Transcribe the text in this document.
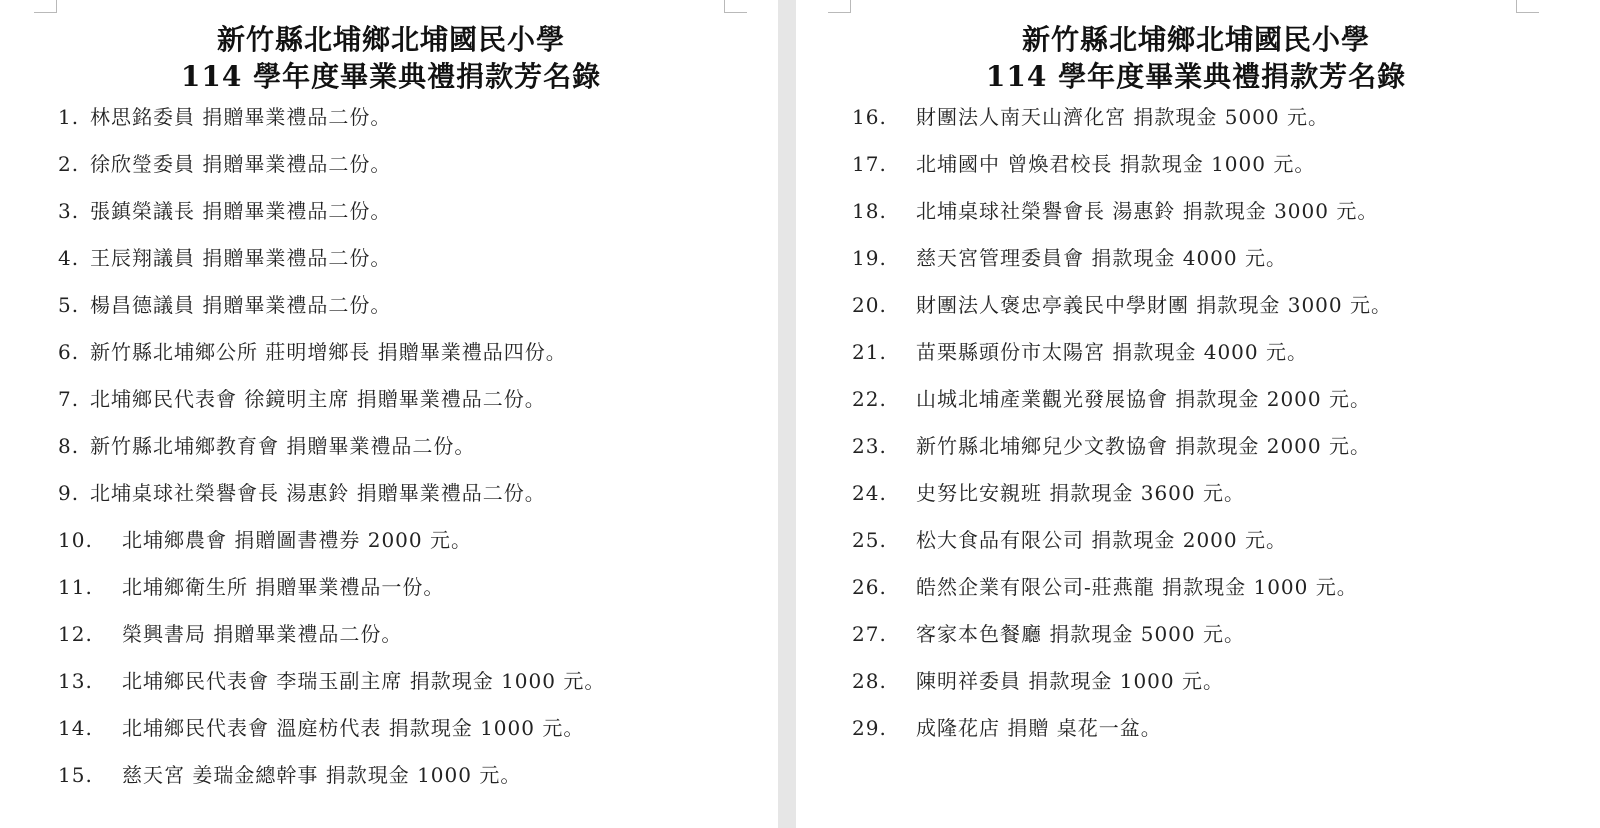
新竹縣北埔鄉北埔國民小學
114 學年度畢業典禮捐款芳名錄
1. 林思銘委員 捐贈畢業禮品二份。
2. 徐欣瑩委員 捐贈畢業禮品二份。
3. 張鎮榮議長 捐贈畢業禮品二份。
4. 王辰翔議員 捐贈畢業禮品二份。
5. 楊昌德議員 捐贈畢業禮品二份。
6. 新竹縣北埔鄉公所 莊明增鄉長 捐贈畢業禮品四份。
7. 北埔鄉民代表會 徐鏡明主席 捐贈畢業禮品二份。
8. 新竹縣北埔鄉教育會 捐贈畢業禮品二份。
9. 北埔桌球社榮譽會長 湯惠鈴 捐贈畢業禮品二份。
10. 北埔鄉農會 捐贈圖書禮券 2000 元。
11. 北埔鄉衛生所 捐贈畢業禮品一份。
12. 榮興書局 捐贈畢業禮品二份。
13. 北埔鄉民代表會 李瑞玉副主席 捐款現金 1000 元。
14. 北埔鄉民代表會 溫庭枋代表 捐款現金 1000 元。
15. 慈天宮 姜瑞金總幹事 捐款現金 1000 元。
新竹縣北埔鄉北埔國民小學
114 學年度畢業典禮捐款芳名錄
16. 財團法人南天山濟化宮 捐款現金 5000 元。
17. 北埔國中 曾煥君校長 捐款現金 1000 元。
18. 北埔桌球社榮譽會長 湯惠鈴 捐款現金 3000 元。
19. 慈天宮管理委員會 捐款現金 4000 元。
20. 財團法人褒忠亭義民中學財團 捐款現金 3000 元。
21. 苗栗縣頭份市太陽宮 捐款現金 4000 元。
22. 山城北埔產業觀光發展協會 捐款現金 2000 元。
23. 新竹縣北埔鄉兒少文教協會 捐款現金 2000 元。
24. 史努比安親班 捐款現金 3600 元。
25. 松大食品有限公司 捐款現金 2000 元。
26. 皓然企業有限公司-莊燕龍 捐款現金 1000 元。
27. 客家本色餐廳 捐款現金 5000 元。
28. 陳明祥委員 捐款現金 1000 元。
29. 成隆花店 捐贈 桌花一盆。
